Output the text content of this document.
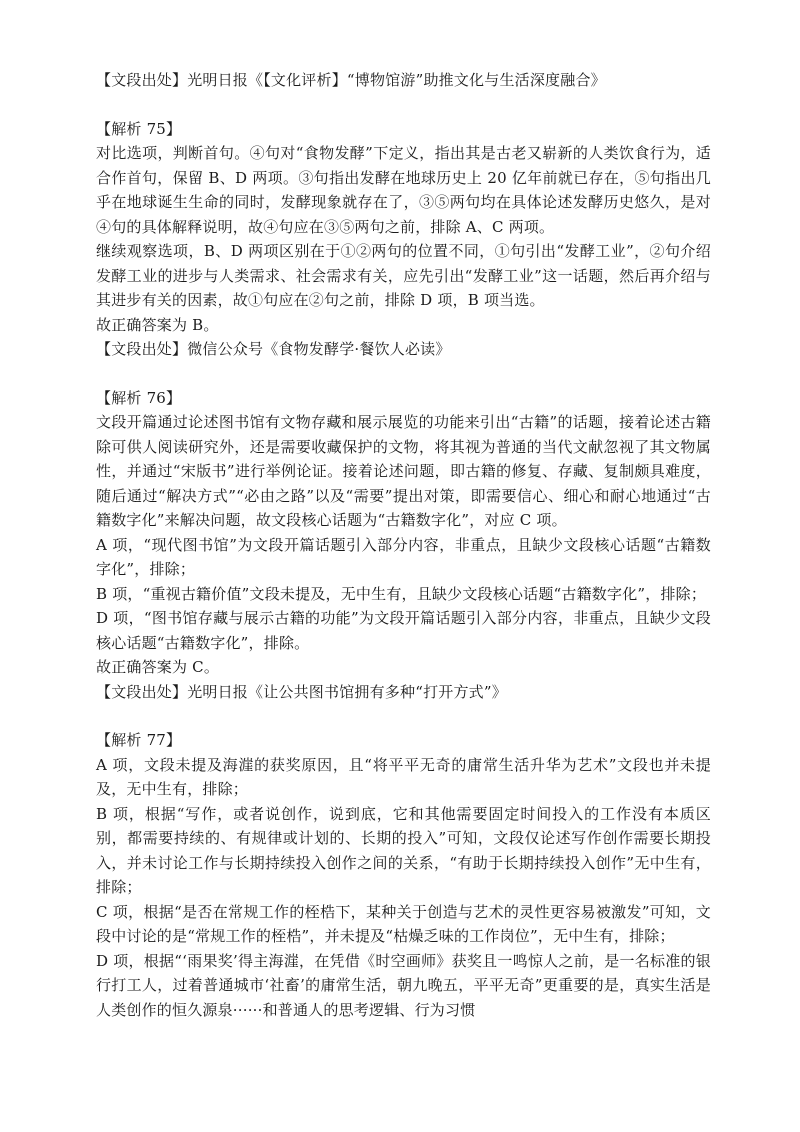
【文段出处】光明日报《【文化评析】“博物馆游”助推文化与生活深度融合》

【解析 75】

对比选项，判断首句。④句对“食物发酵”下定义，指出其是古老又崭新的人类饮食行为，适合作首句，保留 B、D 两项。③句指出发酵在地球历史上 20 亿年前就已存在，⑤句指出几乎在地球诞生生命的同时，发酵现象就存在了，③⑤两句均在具体论述发酵历史悠久，是对④句的具体解释说明，故④句应在③⑤两句之前，排除 A、C 两项。

继续观察选项，B、D 两项区别在于①②两句的位置不同，①句引出“发酵工业”，②句介绍发酵工业的进步与人类需求、社会需求有关，应先引出“发酵工业”这一话题，然后再介绍与其进步有关的因素，故①句应在②句之前，排除 D 项，B 项当选。

故正确答案为 B。

【文段出处】微信公众号《食物发酵学·餐饮人必读》

【解析 76】

文段开篇通过论述图书馆有文物存藏和展示展览的功能来引出“古籍”的话题，接着论述古籍除可供人阅读研究外，还是需要收藏保护的文物，将其视为普通的当代文献忽视了其文物属性，并通过“宋版书”进行举例论证。接着论述问题，即古籍的修复、存藏、复制颇具难度，随后通过“解决方式”“必由之路”以及“需要”提出对策，即需要信心、细心和耐心地通过“古籍数字化”来解决问题，故文段核心话题为“古籍数字化”，对应 C 项。

A 项，“现代图书馆”为文段开篇话题引入部分内容，非重点，且缺少文段核心话题“古籍数字化”，排除；

B 项，“重视古籍价值”文段未提及，无中生有，且缺少文段核心话题“古籍数字化”，排除；

D 项，“图书馆存藏与展示古籍的功能”为文段开篇话题引入部分内容，非重点，且缺少文段核心话题“古籍数字化”，排除。

故正确答案为 C。

【文段出处】光明日报《让公共图书馆拥有多种“打开方式”》

【解析 77】

A 项，文段未提及海漄的获奖原因，且“将平平无奇的庸常生活升华为艺术”文段也并未提及，无中生有，排除；

B 项，根据“写作，或者说创作，说到底，它和其他需要固定时间投入的工作没有本质区别，都需要持续的、有规律或计划的、长期的投入”可知，文段仅论述写作创作需要长期投入，并未讨论工作与长期持续投入创作之间的关系，“有助于长期持续投入创作”无中生有，排除；

C 项，根据“是否在常规工作的桎梏下，某种关于创造与艺术的灵性更容易被激发”可知，文段中讨论的是“常规工作的桎梏”，并未提及“枯燥乏味的工作岗位”，无中生有，排除；

D 项，根据“‘雨果奖’得主海漄，在凭借《时空画师》获奖且一鸣惊人之前，是一名标准的银行打工人，过着普通城市‘社畜’的庸常生活，朝九晚五，平平无奇”更重要的是，真实生活是人类创作的恒久源泉······和普通人的思考逻辑、行为习惯
